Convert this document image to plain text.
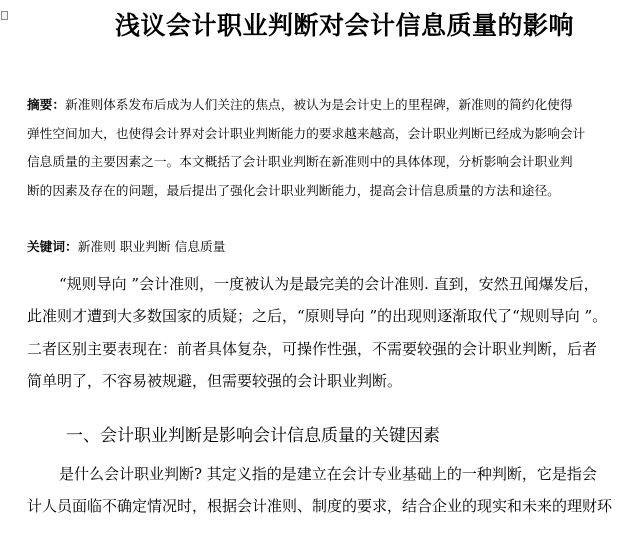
浅议会计职业判断对会计信息质量的影响
摘要：新准则体系发布后成为人们关注的焦点，被认为是会计史上的里程碑，新准则的简约化使得
弹性空间加大，也使得会计界对会计职业判断能力的要求越来越高，会计职业判断已经成为影响会计
信息质量的主要因素之一。本文概括了会计职业判断在新准则中的具体体现，分析影响会计职业判
断的因素及存在的问题，最后提出了强化会计职业判断能力，提高会计信息质量的方法和途径。
关键词：新准则 职业判断 信息质量
“规则导向 ”会计准则，一度被认为是最完美的会计准则. 直到，安然丑闻爆发后，
此准则才遭到大多数国家的质疑；之后，“原则导向 ”的出现则逐渐取代了“规则导向 ”。
二者区别主要表现在：前者具体复杂，可操作性强，不需要较强的会计职业判断，后者
简单明了，不容易被规避，但需要较强的会计职业判断。
一、会计职业判断是影响会计信息质量的关键因素
是什么会计职业判断? 其定义指的是建立在会计专业基础上的一种判断，它是指会
计人员面临不确定情况时，根据会计准则、制度的要求，结合企业的现实和未来的理财环
